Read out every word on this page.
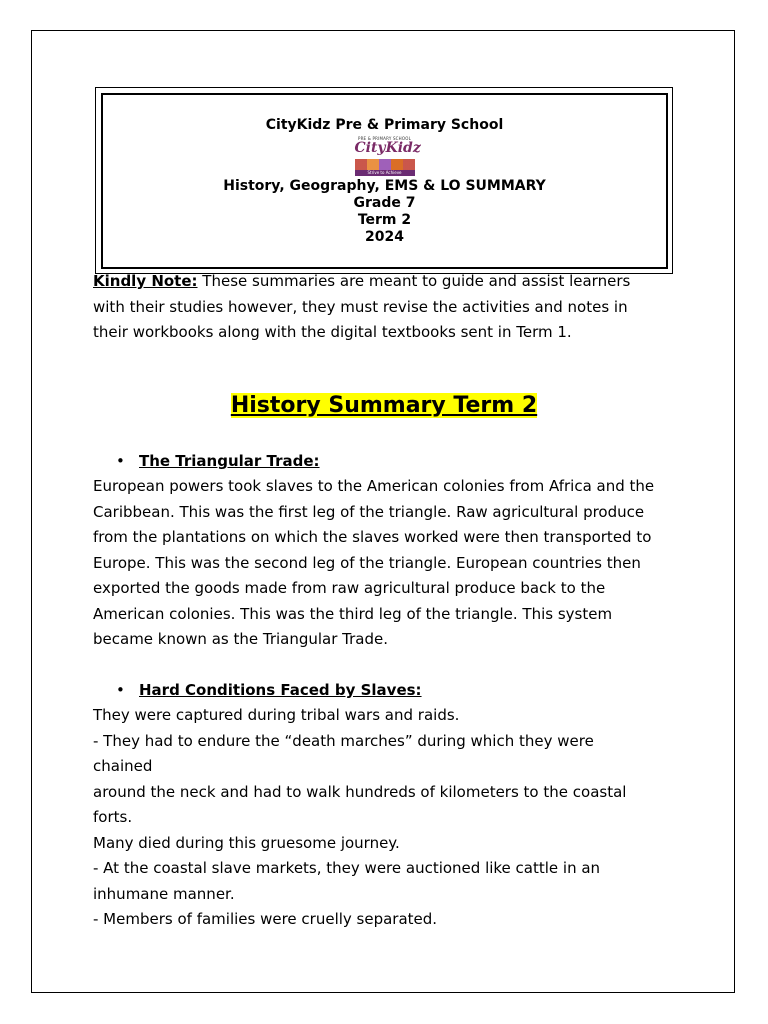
CityKidz Pre & Primary School

PRE & PRIMARY SCHOOL
CityKidz
Strive to Achieve

History, Geography, EMS & LO SUMMARY

Grade 7

Term 2

2024

Kindly Note: These summaries are meant to guide and assist learners
with their studies however, they must revise the activities and notes in
their workbooks along with the digital textbooks sent in Term 1.

History Summary Term 2
• The Triangular Trade:

European powers took slaves to the American colonies from Africa and the
Caribbean. This was the first leg of the triangle. Raw agricultural produce
from the plantations on which the slaves worked were then transported to
Europe. This was the second leg of the triangle. European countries then
exported the goods made from raw agricultural produce back to the
American colonies. This was the third leg of the triangle. This system
became known as the Triangular Trade.

• Hard Conditions Faced by Slaves:

They were captured during tribal wars and raids.
- They had to endure the “death marches” during which they were
chained
around the neck and had to walk hundreds of kilometers to the coastal
forts.
Many died during this gruesome journey.
- At the coastal slave markets, they were auctioned like cattle in an
inhumane manner.
- Members of families were cruelly separated.
